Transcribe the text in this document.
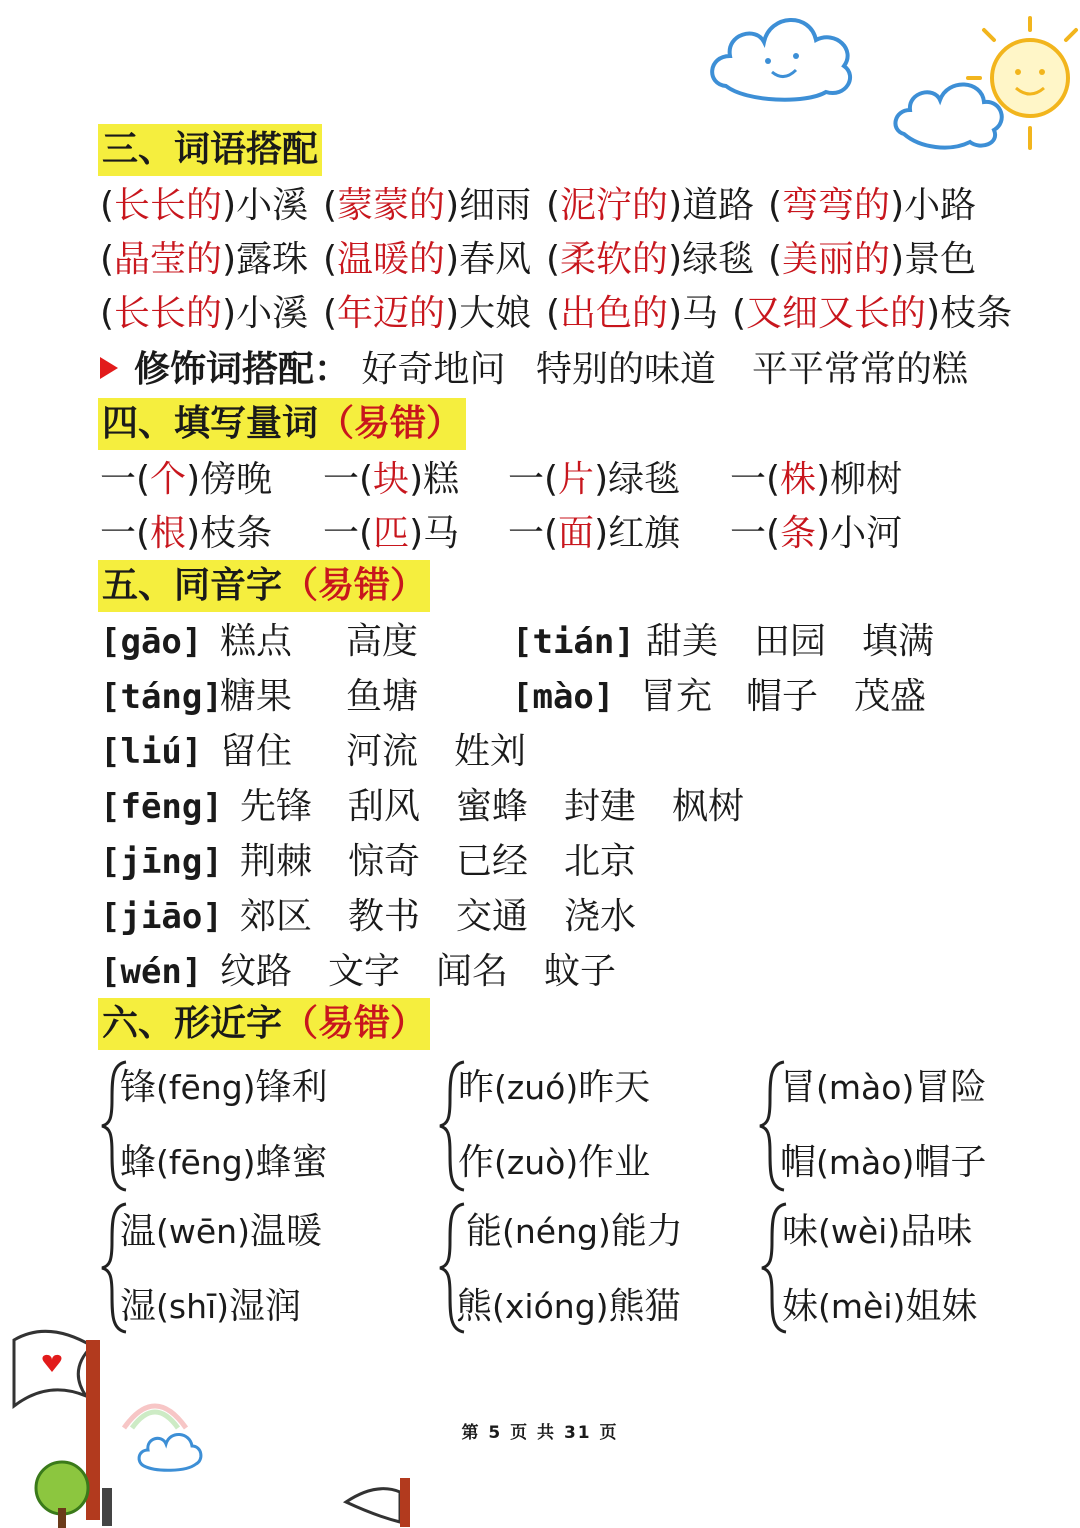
三、词语搭配
(长长的)小溪 (蒙蒙的)细雨 (泥泞的)道路 (弯弯的)小路
(晶莹的)露珠 (温暖的)春风 (柔软的)绿毯 (美丽的)景色
(长长的)小溪 (年迈的)大娘 (出色的)马 (又细又长的)枝条
修饰词搭配： 好奇地问 特别的味道 平平常常的糕
四、填写量词（易错）
一(个)傍晚 一(块)糕 一(片)绿毯 一(株)柳树
一(根)枝条 一(匹)马 一(面)红旗 一(条)小河
五、同音字（易错）
[gāo] 糕点 高度	[tián] 甜美 田园 填满
[táng]
糖果 鱼塘	[mào] 冒充 帽子 茂盛
[liú] 留住 河流 姓刘
[fēng] 先锋 刮风 蜜蜂 封建 枫树
[jīng] 荆棘 惊奇 已经 北京
[jiāo] 郊区 教书 交通 浇水
[wén] 纹路 文字 闻名 蚊子
六、形近字（易错）
锋(fēng)锋利
蜂(fēng)蜂蜜
昨(zuó)昨天
作(zuò)作业
冒(mào)冒险
帽(mào)帽子
温(wēn)温暖
湿(shī)湿润
能(néng)能力
熊(xióng)熊猫
味(wèi)品味
妹(mèi)姐妹
第 5 页 共 31 页
